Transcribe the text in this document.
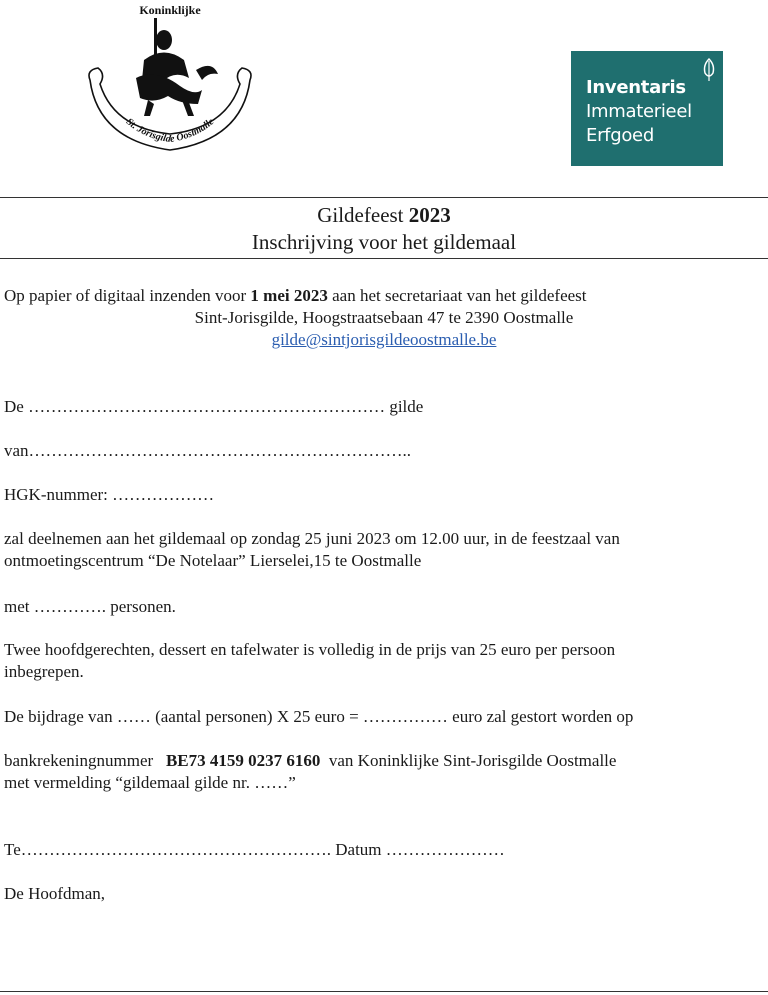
Koninklijke
St. Jorisgilde Oostmalle
Inventaris
Immaterieel
Erfgoed
Gildefeest 2023
Inschrijving voor het gildemaal
Op papier of digitaal inzenden voor 1 mei 2023 aan het secretariaat van het gildefeest
Sint-Jorisgilde, Hoogstraatsebaan 47 te 2390 Oostmalle
gilde@sintjorisgildeoostmalle.be
De ……………………………………………………… gilde
van…………………………………………………………..
HGK-nummer: ………………
zal deelnemen aan het gildemaal op zondag 25 juni 2023 om 12.00 uur, in de feestzaal van
ontmoetingscentrum “De Notelaar” Lierselei,15 te Oostmalle
met …………. personen.
Twee hoofdgerechten, dessert en tafelwater is volledig in de prijs van 25 euro per persoon
inbegrepen.
De bijdrage van …… (aantal personen) X 25 euro = …………… euro zal gestort worden op
bankrekeningnummer   BE73 4159 0237 6160  van Koninklijke Sint-Jorisgilde Oostmalle
met vermelding “gildemaal gilde nr. ……”
Te………………………………………………. Datum …………………
De Hoofdman,
